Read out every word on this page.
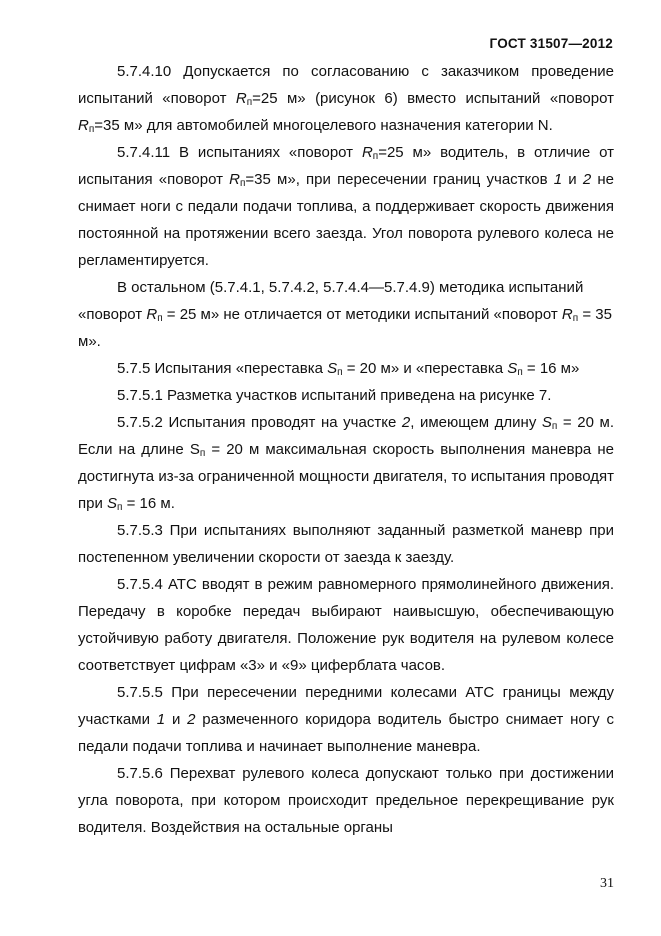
ГОСТ 31507—2012

5.7.4.10 Допускается по согласованию с заказчиком проведение испытаний «поворот $R_п=25$ м» (рисунок 6) вместо испытаний «поворот $R_п=35$ м» для автомобилей многоцелевого назначения категории N.

5.7.4.11 В испытаниях «поворот $R_п=25$ м» водитель, в отличие от испытания «поворот $R_п=35$ м», при пересечении границ участков 1 и 2 не снимает ноги с педали подачи топлива, а поддерживает скорость движения постоянной на протяжении всего заезда. Угол поворота рулевого колеса не регламентируется.

В остальном (5.7.4.1, 5.7.4.2, 5.7.4.4—5.7.4.9) методика испытаний «поворот $R_п = 25$ м» не отличается от методики испытаний «поворот $R_п = 35$ м».

5.7.5 Испытания «переставка $S_п = 20$ м» и «переставка $S_п = 16$ м»

5.7.5.1 Разметка участков испытаний приведена на рисунке 7.

5.7.5.2 Испытания проводят на участке 2, имеющем длину $S_п = 20$ м. Если на длине $S_п = 20$ м максимальная скорость выполнения маневра не достигнута из-за ограниченной мощности двигателя, то испытания проводят при $S_п = 16$ м.

5.7.5.3 При испытаниях выполняют заданный разметкой маневр при постепенном увеличении скорости от заезда к заезду.

5.7.5.4 АТС вводят в режим равномерного прямолинейного движения. Передачу в коробке передач выбирают наивысшую, обеспечивающую устойчивую работу двигателя. Положение рук водителя на рулевом колесе соответствует цифрам «3» и «9» циферблата часов.

5.7.5.5 При пересечении передними колесами АТС границы между участками 1 и 2 размеченного коридора водитель быстро снимает ногу с педали подачи топлива и начинает выполнение маневра.

5.7.5.6 Перехват рулевого колеса допускают только при достижении угла поворота, при котором происходит предельное перекрещивание рук водителя. Воздействия на остальные органы

31
